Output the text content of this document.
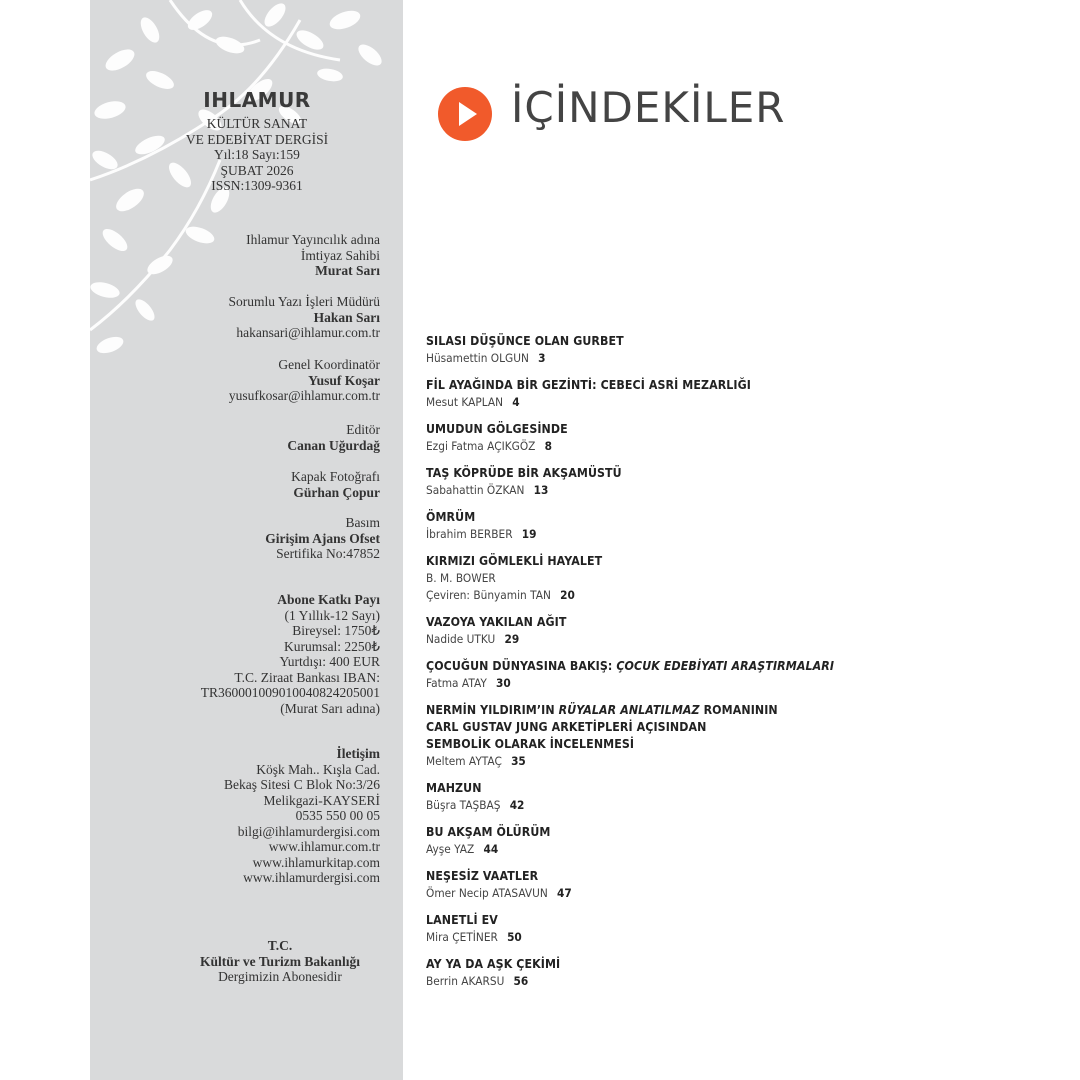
IHLAMUR
KÜLTÜR SANAT
VE EDEBİYAT DERGİSİ
Yıl:18 Sayı:159
ŞUBAT 2026
ISSN:1309-9361
Ihlamur Yayıncılık adına
İmtiyaz Sahibi
Murat Sarı
Sorumlu Yazı İşleri Müdürü
Hakan Sarı
hakansari@ihlamur.com.tr
Genel Koordinatör
Yusuf Koşar
yusufkosar@ihlamur.com.tr
Editör
Canan Uğurdağ
Kapak Fotoğrafı
Gürhan Çopur
Basım
Girişim Ajans Ofset
Sertifika No:47852
Abone Katkı Payı
(1 Yıllık-12 Sayı)
Bireysel: 1750₺
Kurumsal: 2250₺
Yurtdışı: 400 EUR
T.C. Ziraat Bankası IBAN:
TR360001009010040824205001
(Murat Sarı adına)
İletişim
Köşk Mah.. Kışla Cad.
Bekaş Sitesi C Blok No:3/26
Melikgazi-KAYSERİ
0535 550 00 05
bilgi@ihlamurdergisi.com
www.ihlamur.com.tr
www.ihlamurkitap.com
www.ihlamurdergisi.com
T.C.
Kültür ve Turizm Bakanlığı
Dergimizin Abonesidir
İÇİNDEKİLER
SILASI DÜŞÜNCE OLAN GURBET
Hüsamettin OLGUN 3
FİL AYAĞINDA BİR GEZİNTİ: CEBECİ ASRİ MEZARLIĞI
Mesut KAPLAN 4
UMUDUN GÖLGESİNDE
Ezgi Fatma AÇIKGÖZ 8
TAŞ KÖPRÜDE BİR AKŞAMÜSTÜ
Sabahattin ÖZKAN 13
ÖMRÜM
İbrahim BERBER 19
KIRMIZI GÖMLEKLİ HAYALET
B. M. BOWER
Çeviren: Bünyamin TAN 20
VAZOYA YAKILAN AĞIT
Nadide UTKU 29
ÇOCUĞUN DÜNYASINA BAKIŞ: ÇOCUK EDEBİYATI ARAŞTIRMALARI
Fatma ATAY 30
NERMİN YILDIRIM’IN RÜYALAR ANLATILMAZ ROMANININ
CARL GUSTAV JUNG ARKETİPLERİ AÇISINDAN
SEMBOLİK OLARAK İNCELENMESİ
Meltem AYTAÇ 35
MAHZUN
Büşra TAŞBAŞ 42
BU AKŞAM ÖLÜRÜM
Ayşe YAZ 44
NEŞESİZ VAATLER
Ömer Necip ATASAVUN 47
LANETLİ EV
Mira ÇETİNER 50
AY YA DA AŞK ÇEKİMİ
Berrin AKARSU 56
